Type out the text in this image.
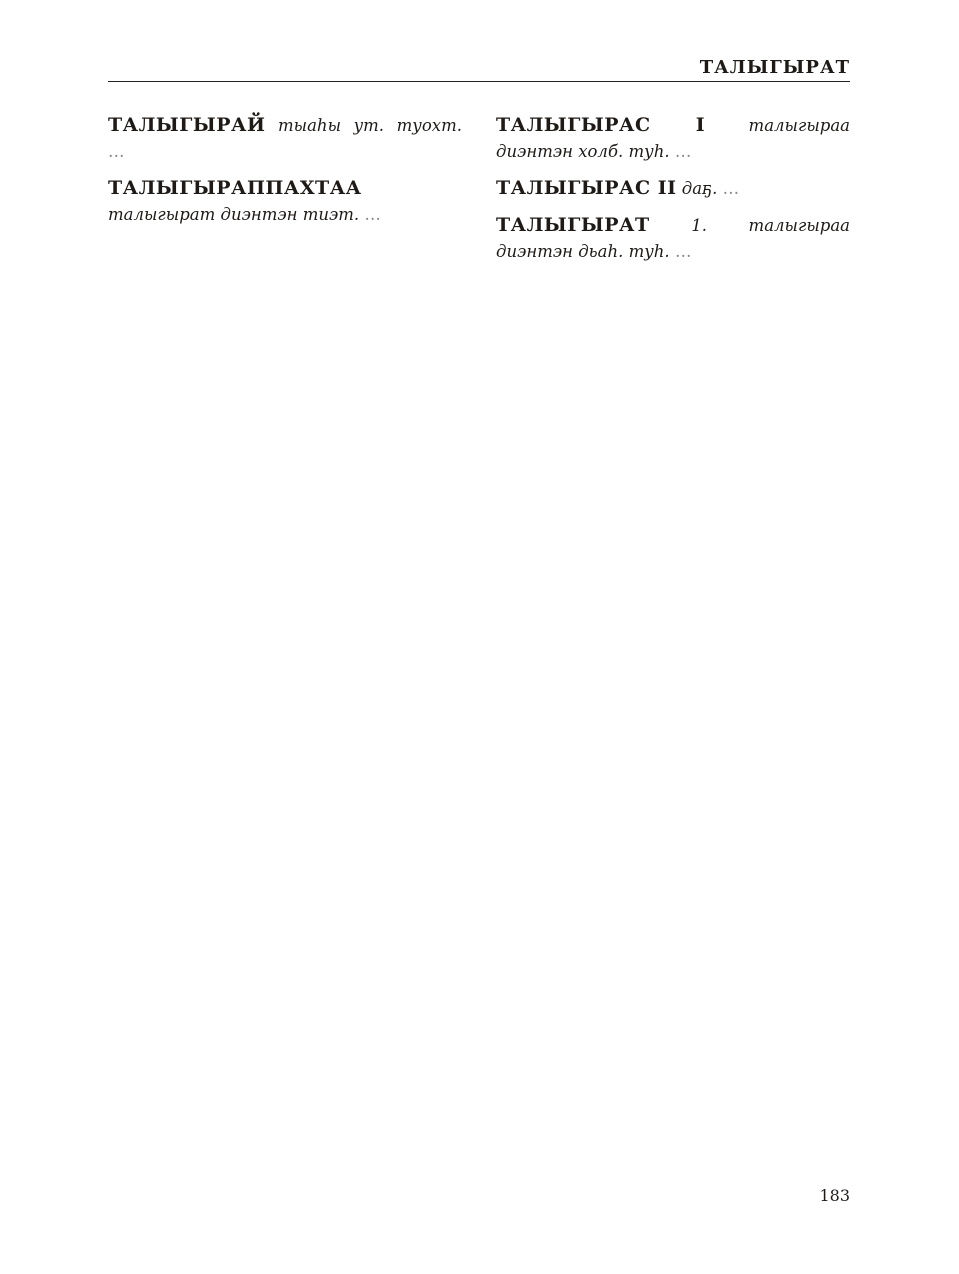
ТАЛЫГЫРАТ

ТАЛЫГЫРАЙ тыаһы ут. туохт. …

ТАЛЫГЫРАППАХТАА талыгырат диэнтэн тиэт. …

ТАЛЫГЫРАС I	талыгыраа диэнтэн холб. туһ. …

ТАЛЫГЫРАС II даҕ. …

ТАЛЫГЫРАТ	1. талыгыраа диэнтэн дьаһ. туһ. …

183
